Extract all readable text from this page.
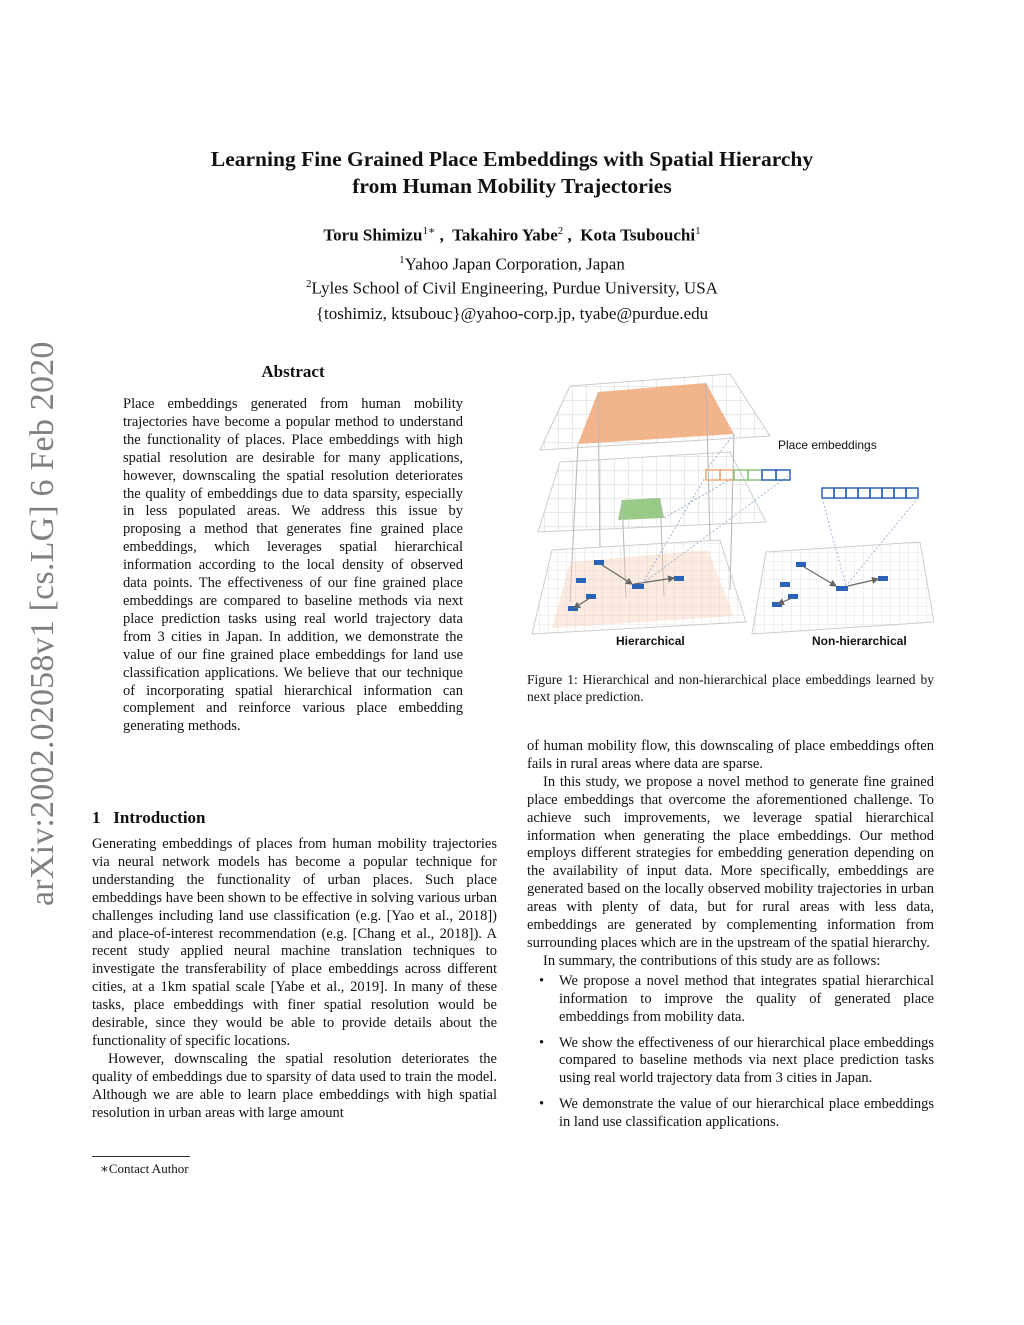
arXiv:2002.02058v1 [cs.LG] 6 Feb 2020
Learning Fine Grained Place Embeddings with Spatial Hierarchy
from Human Mobility Trajectories
Toru Shimizu$^{1∗}$ ,  Takahiro Yabe$^2$ ,  Kota Tsubouchi$^1$
$^1$Yahoo Japan Corporation, Japan
$^2$Lyles School of Civil Engineering, Purdue University, USA
{toshimiz, ktsubouc}@yahoo-corp.jp, tyabe@purdue.edu
Abstract

Place embeddings generated from human mobility trajectories have become a popular method to understand the functionality of places. Place embeddings with high spatial resolution are desirable for many applications, however, downscaling the spatial resolution deteriorates the quality of embeddings due to data sparsity, especially in less populated areas. We address this issue by proposing a method that generates fine grained place embeddings, which leverages spatial hierarchical information according to the local density of observed data points. The effectiveness of our fine grained place embeddings are compared to baseline methods via next place prediction tasks using real world trajectory data from 3 cities in Japan. In addition, we demonstrate the value of our fine grained place embeddings for land use classification applications. We believe that our technique of incorporating spatial hierarchical information can complement and reinforce various place embedding generating methods.

1 Introduction

Generating embeddings of places from human mobility trajectories via neural network models has become a popular technique for understanding the functionality of urban places. Such place embeddings have been shown to be effective in solving various urban challenges including land use classification (e.g. [Yao et al., 2018]) and place-of-interest recommendation (e.g. [Chang et al., 2018]). A recent study applied neural machine translation techniques to investigate the transferability of place embeddings across different cities, at a 1km spatial scale [Yabe et al., 2019]. In many of these tasks, place embeddings with finer spatial resolution would be desirable, since they would be able to provide details about the functionality of specific locations.

However, downscaling the spatial resolution deteriorates the quality of embeddings due to sparsity of data used to train the model. Although we are able to learn place embeddings with high spatial resolution in urban areas with large amount

∗Contact Author
Place embeddings
Hierarchical	Non-hierarchical
Figure 1: Hierarchical and non-hierarchical place embeddings learned by next place prediction.

of human mobility flow, this downscaling of place embeddings often fails in rural areas where data are sparse.

In this study, we propose a novel method to generate fine grained place embeddings that overcome the aforementioned challenge. To achieve such improvements, we leverage spatial hierarchical information when generating the place embeddings. Our method employs different strategies for embedding generation depending on the availability of input data. More specifically, embeddings are generated based on the locally observed mobility trajectories in urban areas with plenty of data, but for rural areas with less data, embeddings are generated by complementing information from surrounding places which are in the upstream of the spatial hierarchy.

In summary, the contributions of this study are as follows:

• We propose a novel method that integrates spatial hierarchical information to improve the quality of generated place embeddings from mobility data.
• We show the effectiveness of our hierarchical place embeddings compared to baseline methods via next place prediction tasks using real world trajectory data from 3 cities in Japan.
• We demonstrate the value of our hierarchical place embeddings in land use classification applications.
